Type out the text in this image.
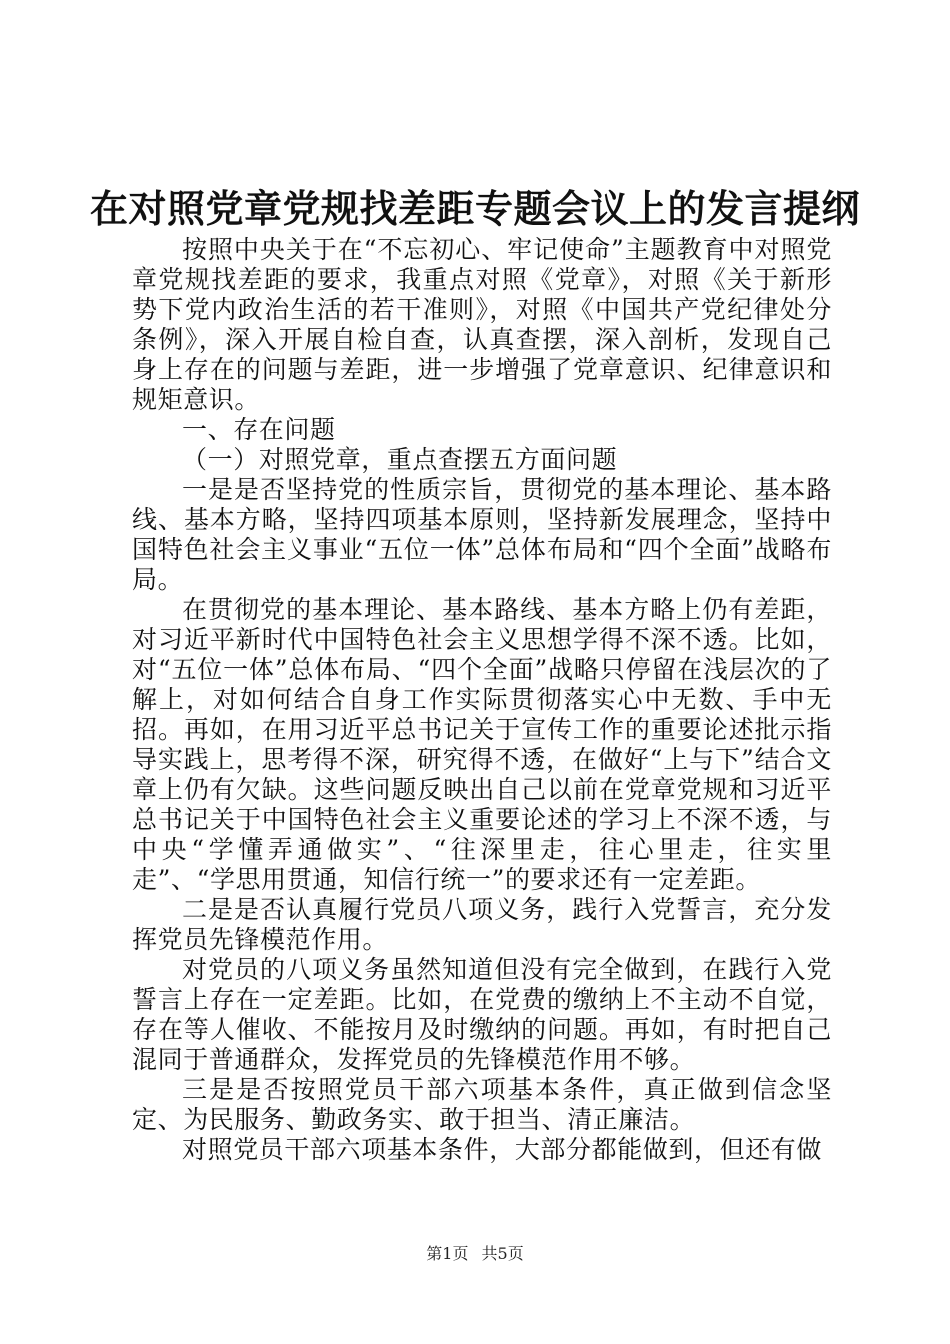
在对照党章党规找差距专题会议上的发言提纲

按照中央关于在“不忘初心、牢记使命”主题教育中对照党章党规找差距的要求，我重点对照《党章》，对照《关于新形势下党内政治生活的若干准则》，对照《中国共产党纪律处分条例》，深入开展自检自查，认真查摆，深入剖析，发现自己身上存在的问题与差距，进一步增强了党章意识、纪律意识和规矩意识。

一、存在问题

（一）对照党章，重点查摆五方面问题

一是是否坚持党的性质宗旨，贯彻党的基本理论、基本路线、基本方略，坚持四项基本原则，坚持新发展理念，坚持中国特色社会主义事业“五位一体”总体布局和“四个全面”战略布局。

在贯彻党的基本理论、基本路线、基本方略上仍有差距，对习近平新时代中国特色社会主义思想学得不深不透。比如，对“五位一体”总体布局、“四个全面”战略只停留在浅层次的了解上，对如何结合自身工作实际贯彻落实心中无数、手中无招。再如，在用习近平总书记关于宣传工作的重要论述批示指导实践上，思考得不深，研究得不透，在做好“上与下”结合文章上仍有欠缺。这些问题反映出自己以前在党章党规和习近平总书记关于中国特色社会主义重要论述的学习上不深不透，与中央“学懂弄通做实”、“往深里走，往心里走，往实里走”、“学思用贯通，知信行统一”的要求还有一定差距。

二是是否认真履行党员八项义务，践行入党誓言，充分发挥党员先锋模范作用。

对党员的八项义务虽然知道但没有完全做到，在践行入党誓言上存在一定差距。比如，在党费的缴纳上不主动不自觉，存在等人催收、不能按月及时缴纳的问题。再如，有时把自己混同于普通群众，发挥党员的先锋模范作用不够。

三是是否按照党员干部六项基本条件，真正做到信念坚定、为民服务、勤政务实、敢于担当、清正廉洁。

对照党员干部六项基本条件，大部分都能做到，但还有做

第1页 共5页
